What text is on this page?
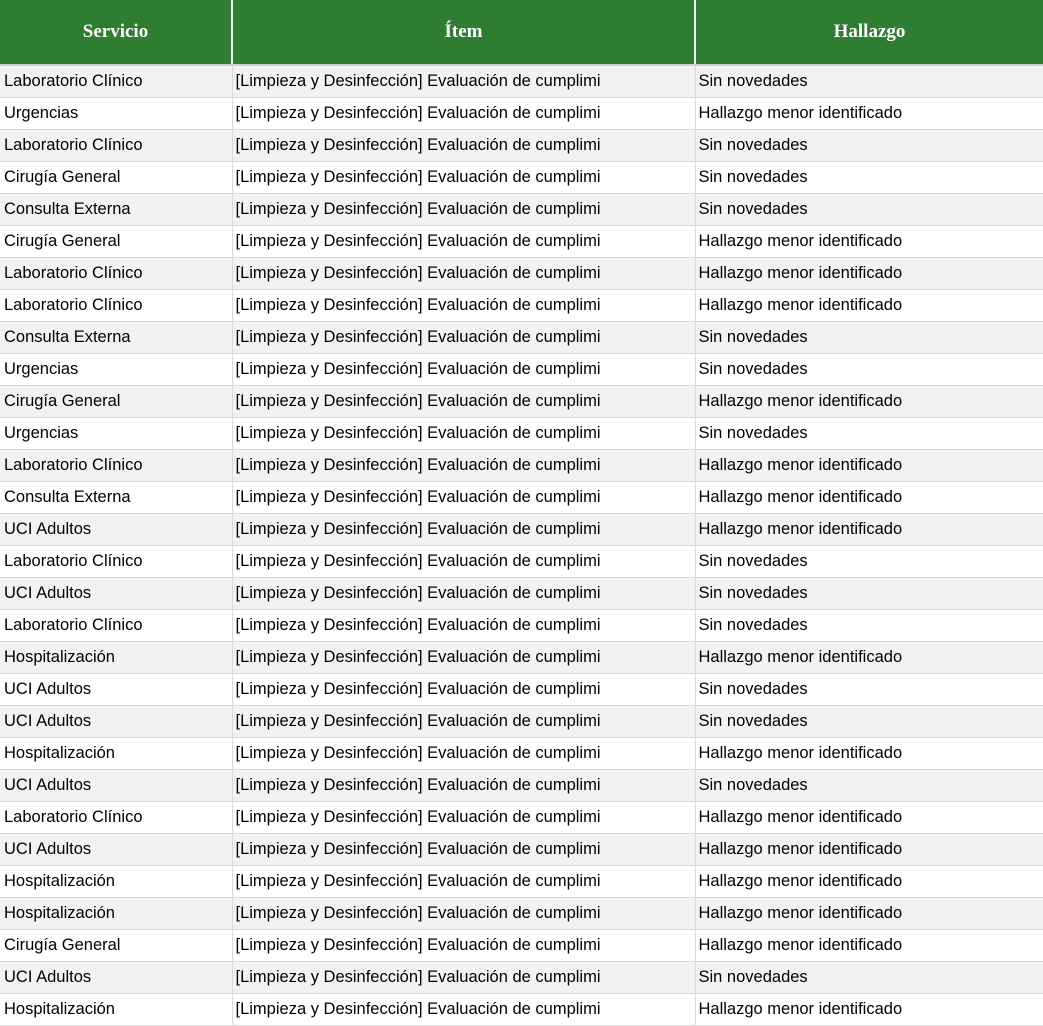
Servicio	Ítem	Hallazgo
Laboratorio Clínico	[Limpieza y Desinfección] Evaluación de cumplimi	Sin novedades
Urgencias	[Limpieza y Desinfección] Evaluación de cumplimi	Hallazgo menor identificado
Laboratorio Clínico	[Limpieza y Desinfección] Evaluación de cumplimi	Sin novedades
Cirugía General	[Limpieza y Desinfección] Evaluación de cumplimi	Sin novedades
Consulta Externa	[Limpieza y Desinfección] Evaluación de cumplimi	Sin novedades
Cirugía General	[Limpieza y Desinfección] Evaluación de cumplimi	Hallazgo menor identificado
Laboratorio Clínico	[Limpieza y Desinfección] Evaluación de cumplimi	Hallazgo menor identificado
Laboratorio Clínico	[Limpieza y Desinfección] Evaluación de cumplimi	Hallazgo menor identificado
Consulta Externa	[Limpieza y Desinfección] Evaluación de cumplimi	Sin novedades
Urgencias	[Limpieza y Desinfección] Evaluación de cumplimi	Sin novedades
Cirugía General	[Limpieza y Desinfección] Evaluación de cumplimi	Hallazgo menor identificado
Urgencias	[Limpieza y Desinfección] Evaluación de cumplimi	Sin novedades
Laboratorio Clínico	[Limpieza y Desinfección] Evaluación de cumplimi	Hallazgo menor identificado
Consulta Externa	[Limpieza y Desinfección] Evaluación de cumplimi	Hallazgo menor identificado
UCI Adultos	[Limpieza y Desinfección] Evaluación de cumplimi	Hallazgo menor identificado
Laboratorio Clínico	[Limpieza y Desinfección] Evaluación de cumplimi	Sin novedades
UCI Adultos	[Limpieza y Desinfección] Evaluación de cumplimi	Sin novedades
Laboratorio Clínico	[Limpieza y Desinfección] Evaluación de cumplimi	Sin novedades
Hospitalización	[Limpieza y Desinfección] Evaluación de cumplimi	Hallazgo menor identificado
UCI Adultos	[Limpieza y Desinfección] Evaluación de cumplimi	Sin novedades
UCI Adultos	[Limpieza y Desinfección] Evaluación de cumplimi	Sin novedades
Hospitalización	[Limpieza y Desinfección] Evaluación de cumplimi	Hallazgo menor identificado
UCI Adultos	[Limpieza y Desinfección] Evaluación de cumplimi	Sin novedades
Laboratorio Clínico	[Limpieza y Desinfección] Evaluación de cumplimi	Hallazgo menor identificado
UCI Adultos	[Limpieza y Desinfección] Evaluación de cumplimi	Hallazgo menor identificado
Hospitalización	[Limpieza y Desinfección] Evaluación de cumplimi	Hallazgo menor identificado
Hospitalización	[Limpieza y Desinfección] Evaluación de cumplimi	Hallazgo menor identificado
Cirugía General	[Limpieza y Desinfección] Evaluación de cumplimi	Hallazgo menor identificado
UCI Adultos	[Limpieza y Desinfección] Evaluación de cumplimi	Sin novedades
Hospitalización	[Limpieza y Desinfección] Evaluación de cumplimi	Hallazgo menor identificado
